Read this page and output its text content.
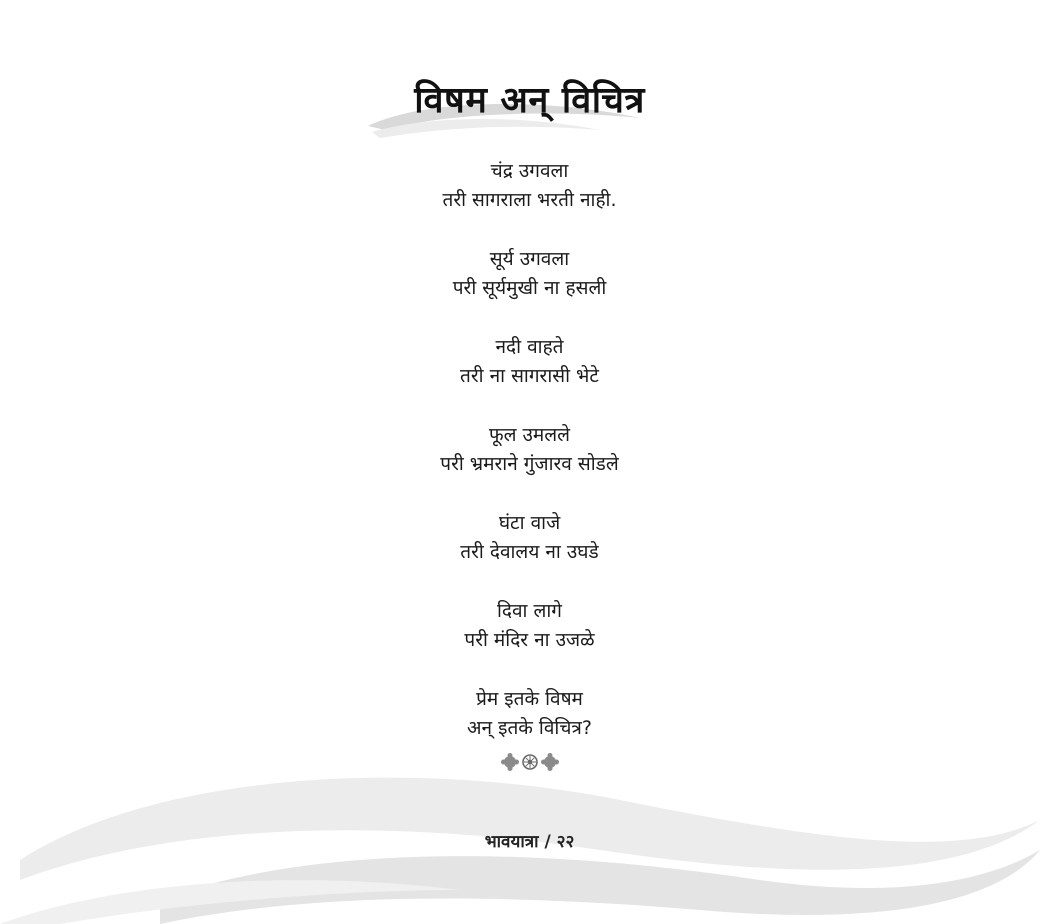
विषम अन् विचित्र
चंद्र उगवला
तरी सागराला भरती नाही.
सूर्य उगवला
परी सूर्यमुखी ना हसली
नदी वाहते
तरी ना सागरासी भेटे
फूल उमलले
परी भ्रमराने गुंजारव सोडले
घंटा वाजे
तरी देवालय ना उघडे
दिवा लागे
परी मंदिर ना उजळे
प्रेम इतके विषम
अन् इतके विचित्र?
भावयात्रा / २२
